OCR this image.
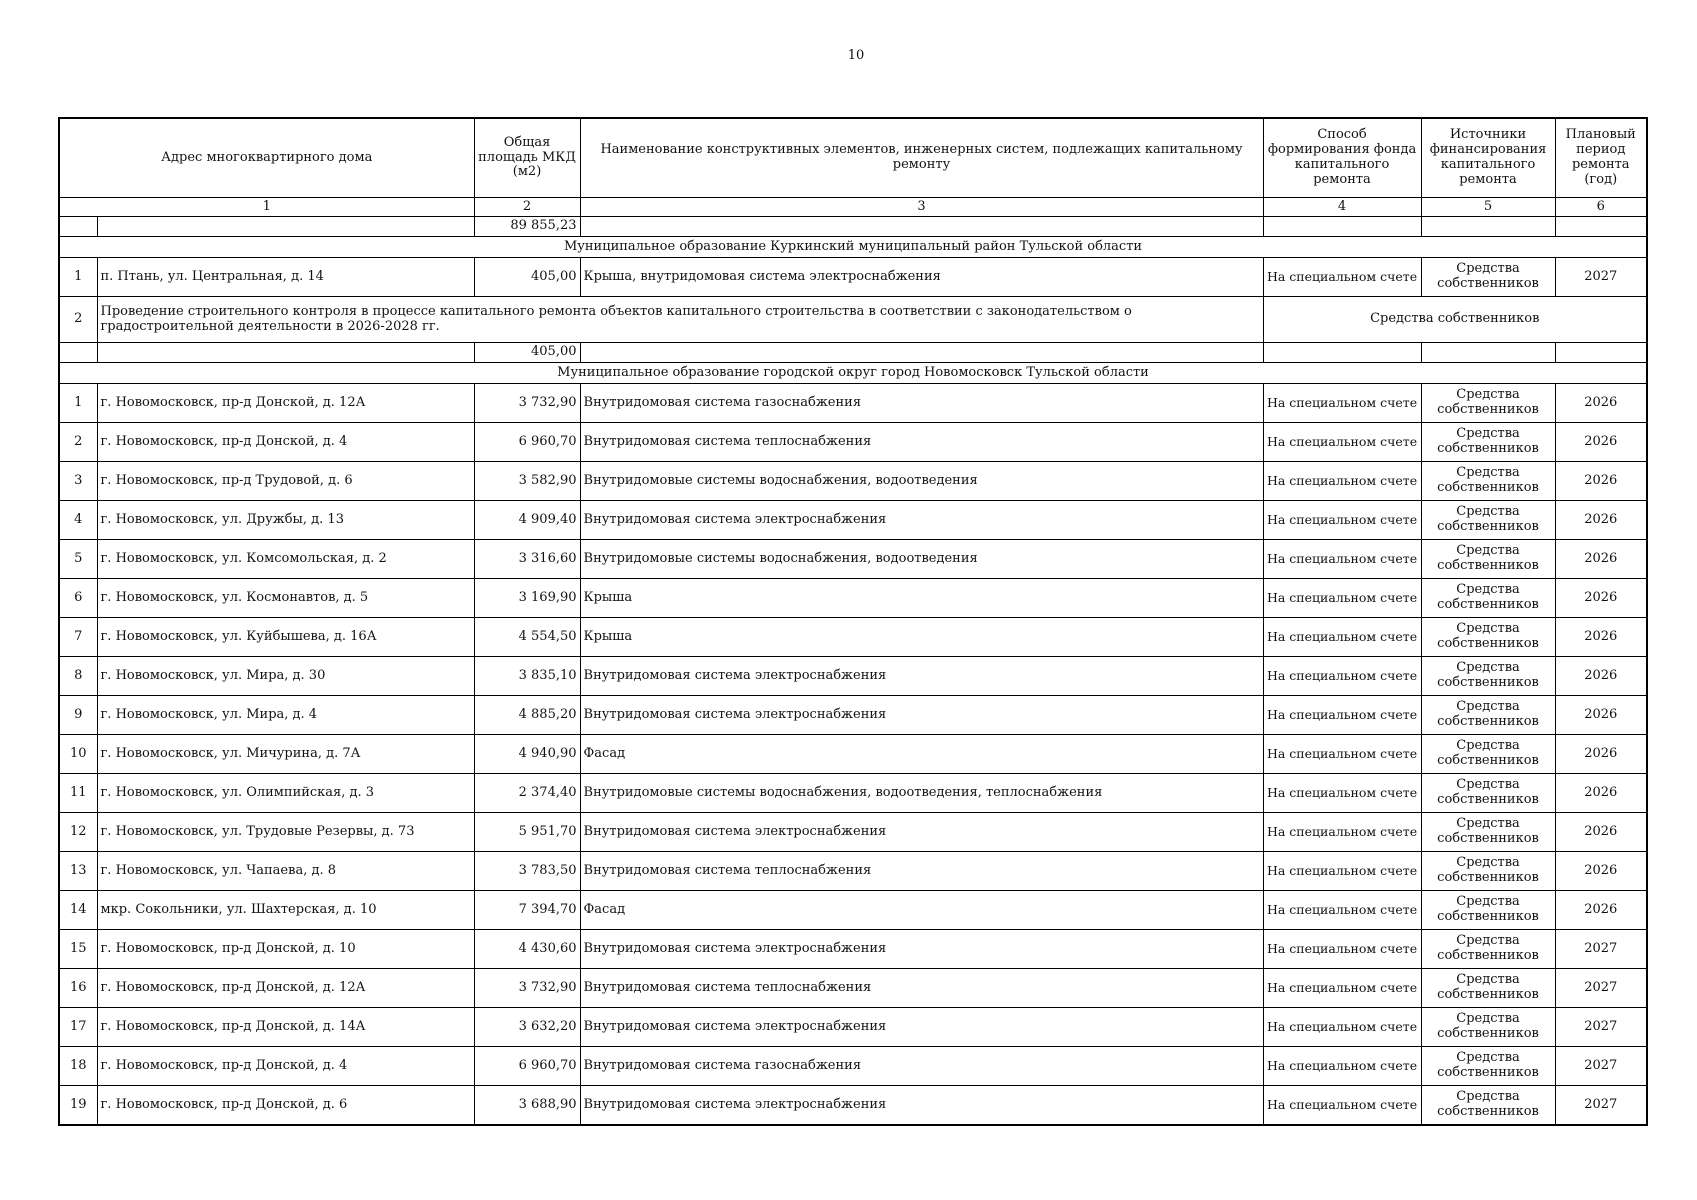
10
Адрес многоквартирного дома		Общая площадь МКД (м2)	Наименование конструктивных элементов, инженерных систем, подлежащих капитальному ремонту	Способ формирования фонда капитального ремонта	Источники финансирования капитального ремонта	Плановый период ремонта (год)
1		2	3	4	5	6
		89 855,23				
Муниципальное образование Куркинский муниципальный район Тульской области						
1	п. Птань, ул. Центральная, д. 14	405,00	Крыша, внутридомовая система электроснабжения	На специальном счете	Средства собственников	2027
2	Проведение строительного контроля в процессе капитального ремонта объектов капитального строительства в соответствии с законодательством о градостроительной деятельности в 2026-2028 гг.			Средства собственников		
		405,00				
Муниципальное образование городской округ город Новомосковск Тульской области						
1	г. Новомосковск, пр-д Донской, д. 12А	3 732,90	Внутридомовая система газоснабжения	На специальном счете	Средства собственников	2026
2	г. Новомосковск, пр-д Донской, д. 4	6 960,70	Внутридомовая система теплоснабжения	На специальном счете	Средства собственников	2026
3	г. Новомосковск, пр-д Трудовой, д. 6	3 582,90	Внутридомовые системы водоснабжения, водоотведения	На специальном счете	Средства собственников	2026
4	г. Новомосковск, ул. Дружбы, д. 13	4 909,40	Внутридомовая система электроснабжения	На специальном счете	Средства собственников	2026
5	г. Новомосковск, ул. Комсомольская, д. 2	3 316,60	Внутридомовые системы водоснабжения, водоотведения	На специальном счете	Средства собственников	2026
6	г. Новомосковск, ул. Космонавтов, д. 5	3 169,90	Крыша	На специальном счете	Средства собственников	2026
7	г. Новомосковск, ул. Куйбышева, д. 16А	4 554,50	Крыша	На специальном счете	Средства собственников	2026
8	г. Новомосковск, ул. Мира, д. 30	3 835,10	Внутридомовая система электроснабжения	На специальном счете	Средства собственников	2026
9	г. Новомосковск, ул. Мира, д. 4	4 885,20	Внутридомовая система электроснабжения	На специальном счете	Средства собственников	2026
10	г. Новомосковск, ул. Мичурина, д. 7А	4 940,90	Фасад	На специальном счете	Средства собственников	2026
11	г. Новомосковск, ул. Олимпийская, д. 3	2 374,40	Внутридомовые системы водоснабжения, водоотведения, теплоснабжения	На специальном счете	Средства собственников	2026
12	г. Новомосковск, ул. Трудовые Резервы, д. 73	5 951,70	Внутридомовая система электроснабжения	На специальном счете	Средства собственников	2026
13	г. Новомосковск, ул. Чапаева, д. 8	3 783,50	Внутридомовая система теплоснабжения	На специальном счете	Средства собственников	2026
14	мкр. Сокольники, ул. Шахтерская, д. 10	7 394,70	Фасад	На специальном счете	Средства собственников	2026
15	г. Новомосковск, пр-д Донской, д. 10	4 430,60	Внутридомовая система электроснабжения	На специальном счете	Средства собственников	2027
16	г. Новомосковск, пр-д Донской, д. 12А	3 732,90	Внутридомовая система теплоснабжения	На специальном счете	Средства собственников	2027
17	г. Новомосковск, пр-д Донской, д. 14А	3 632,20	Внутридомовая система электроснабжения	На специальном счете	Средства собственников	2027
18	г. Новомосковск, пр-д Донской, д. 4	6 960,70	Внутридомовая система газоснабжения	На специальном счете	Средства собственников	2027
19	г. Новомосковск, пр-д Донской, д. 6	3 688,90	Внутридомовая система электроснабжения	На специальном счете	Средства собственников	2027
